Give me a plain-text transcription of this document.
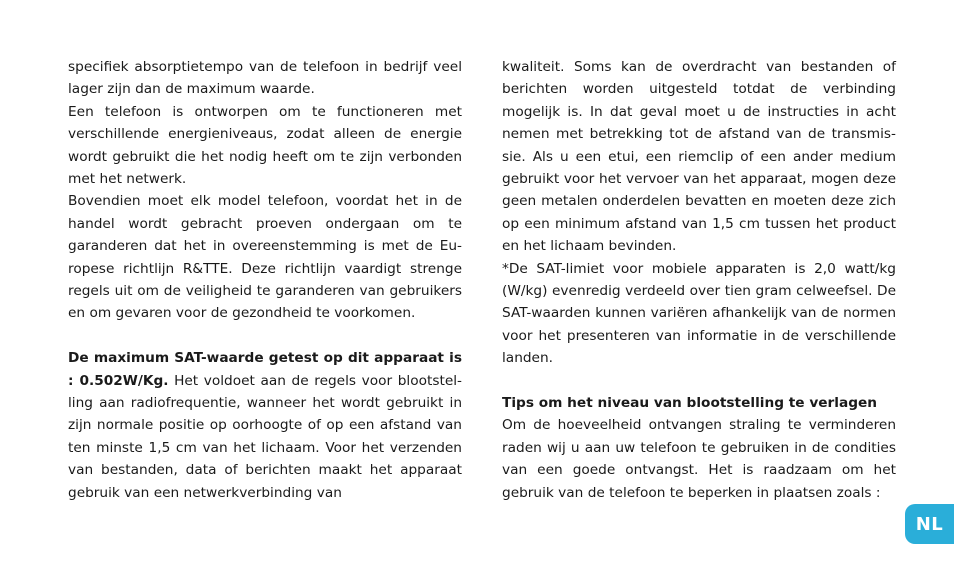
specifiek absorptietempo van de telefoon in bedrijf veel lager zijn dan de maximum waarde.

Een telefoon is ontworpen om te functioneren met verschillende energieniveaus, zodat alleen de energie wordt gebruikt die het nodig heeft om te zijn verbonden met het netwerk.

Bovendien moet elk model telefoon, voordat het in de handel wordt gebracht proeven ondergaan om te garanderen dat het in overeenstemming is met de Europese richtlijn R&TTE. Deze richtlijn vaardigt strenge regels uit om de veiligheid te garanderen van gebruikers en om gevaren voor de gezondheid te voorkomen.

De maximum SAT-waarde getest op dit apparaat is : 0.502W/Kg. Het voldoet aan de regels voor blootstelling aan radiofrequentie, wanneer het wordt gebruikt in zijn normale positie op oorhoogte of op een afstand van ten minste 1,5 cm van het lichaam. Voor het verzenden van bestanden, data of berichten maakt het apparaat gebruik van een netwerkverbinding van

kwaliteit. Soms kan de overdracht van bestanden of berichten worden uitgesteld totdat de verbinding mogelijk is. In dat geval moet u de instructies in acht nemen met betrekking tot de afstand van de transmissie. Als u een etui, een riemclip of een ander medium gebruikt voor het vervoer van het apparaat, mogen deze geen metalen onderdelen bevatten en moeten deze zich op een minimum afstand van 1,5 cm tussen het product en het lichaam bevinden.

*De SAT-limiet voor mobiele apparaten is 2,0 watt/kg (W/kg) evenredig verdeeld over tien gram celweefsel. De SAT-waarden kunnen variëren afhankelijk van de normen voor het presenteren van informatie in de verschillende landen.

Tips om het niveau van blootstelling te verlagen

Om de hoeveelheid ontvangen straling te verminderen raden wij u aan uw telefoon te gebruiken in de condities van een goede ontvangst. Het is raadzaam om het gebruik van de telefoon te beperken in plaatsen zoals :

NL
